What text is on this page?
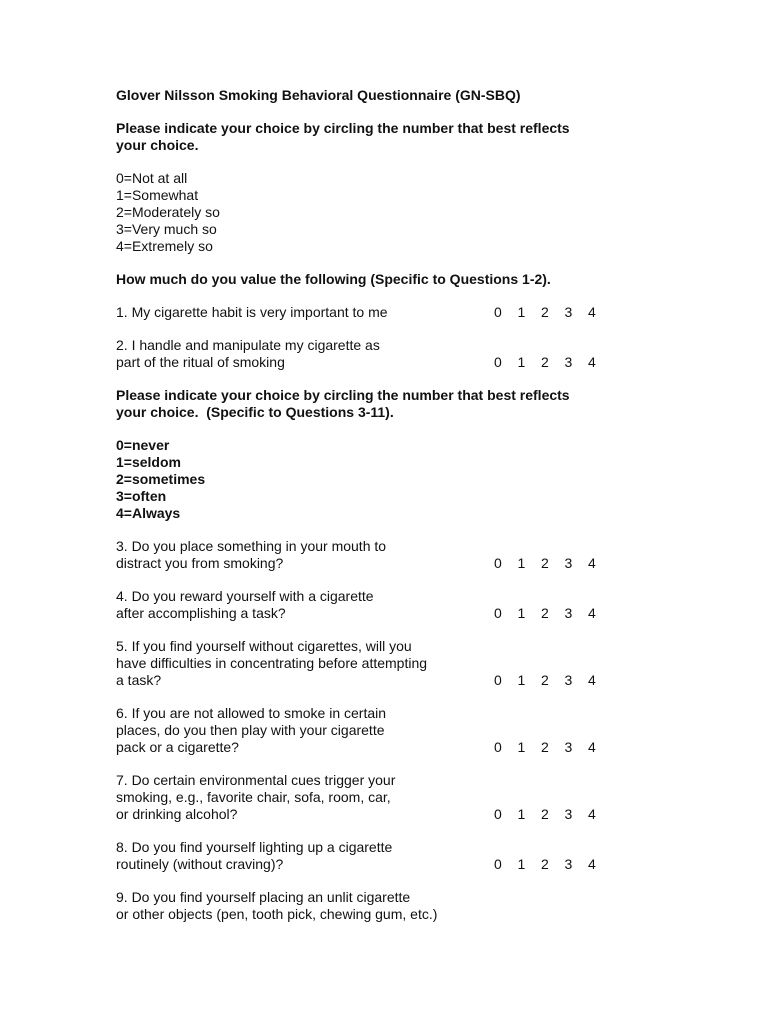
Glover Nilsson Smoking Behavioral Questionnaire (GN-SBQ)
Please indicate your choice by circling the number that best reflects
your choice.
0=Not at all
1=Somewhat
2=Moderately so
3=Very much so
4=Extremely so
How much do you value the following (Specific to Questions 1-2).
1. My cigarette habit is very important to me	0	1	2	3	4
2. I handle and manipulate my cigarette as
part of the ritual of smoking	0	1	2	3	4
Please indicate your choice by circling the number that best reflects
your choice.  (Specific to Questions 3-11).
0=never
1=seldom
2=sometimes
3=often
4=Always
3. Do you place something in your mouth to
distract you from smoking?	0	1	2	3	4
4. Do you reward yourself with a cigarette
after accomplishing a task?	0	1	2	3	4
5. If you find yourself without cigarettes, will you
have difficulties in concentrating before attempting
a task?	0	1	2	3	4
6. If you are not allowed to smoke in certain
places, do you then play with your cigarette
pack or a cigarette?	0	1	2	3	4
7. Do certain environmental cues trigger your
smoking, e.g., favorite chair, sofa, room, car,
or drinking alcohol?	0	1	2	3	4
8. Do you find yourself lighting up a cigarette
routinely (without craving)?	0	1	2	3	4
9. Do you find yourself placing an unlit cigarette
or other objects (pen, tooth pick, chewing gum, etc.)
